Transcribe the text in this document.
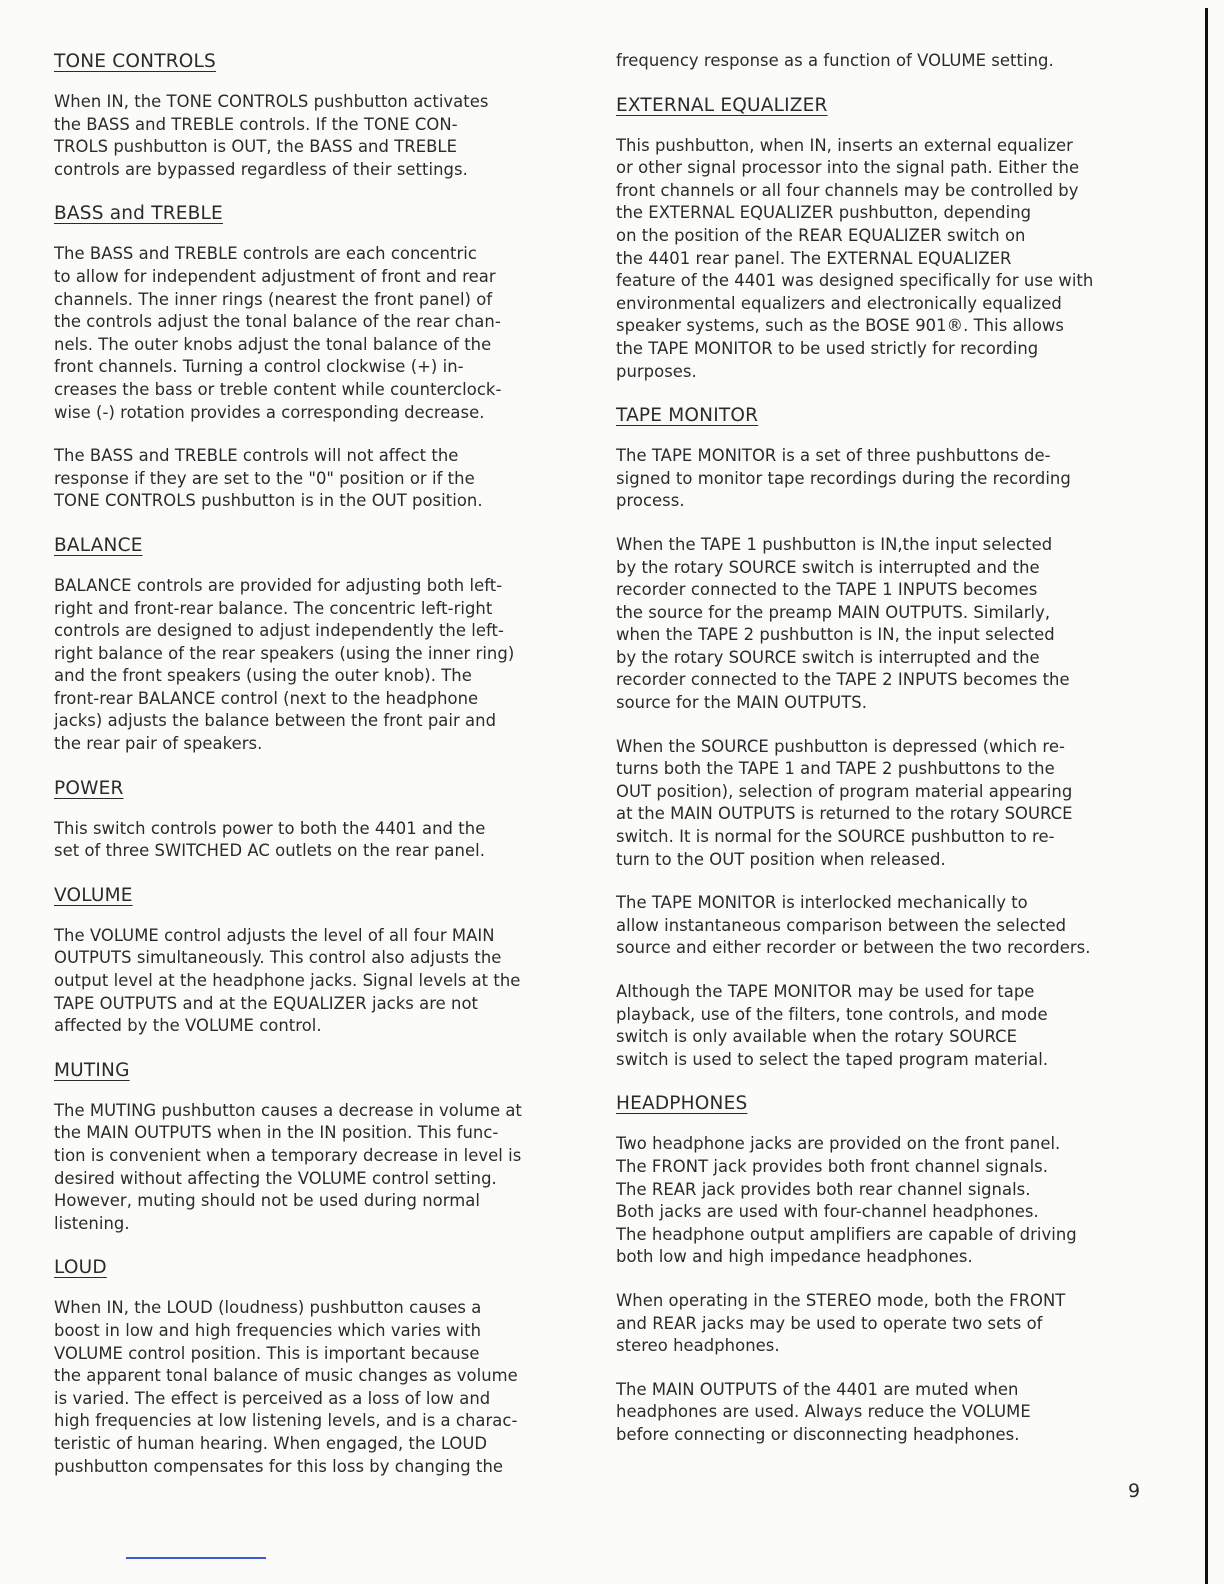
TONE CONTROLS
When IN, the TONE CONTROLS pushbutton activates
the BASS and TREBLE controls. If the TONE CON-
TROLS pushbutton is OUT, the BASS and TREBLE
controls are bypassed regardless of their settings.
BASS and TREBLE
The BASS and TREBLE controls are each concentric
to allow for independent adjustment of front and rear
channels. The inner rings (nearest the front panel) of
the controls adjust the tonal balance of the rear chan-
nels. The outer knobs adjust the tonal balance of the
front channels. Turning a control clockwise (+) in-
creases the bass or treble content while counterclock-
wise (-) rotation provides a corresponding decrease.
The BASS and TREBLE controls will not affect the
response if they are set to the "0" position or if the
TONE CONTROLS pushbutton is in the OUT position.
BALANCE
BALANCE controls are provided for adjusting both left-
right and front-rear balance. The concentric left-right
controls are designed to adjust independently the left-
right balance of the rear speakers (using the inner ring)
and the front speakers (using the outer knob). The
front-rear BALANCE control (next to the headphone
jacks) adjusts the balance between the front pair and
the rear pair of speakers.
POWER
This switch controls power to both the 4401 and the
set of three SWITCHED AC outlets on the rear panel.
VOLUME
The VOLUME control adjusts the level of all four MAIN
OUTPUTS simultaneously. This control also adjusts the
output level at the headphone jacks. Signal levels at the
TAPE OUTPUTS and at the EQUALIZER jacks are not
affected by the VOLUME control.
MUTING
The MUTING pushbutton causes a decrease in volume at
the MAIN OUTPUTS when in the IN position. This func-
tion is convenient when a temporary decrease in level is
desired without affecting the VOLUME control setting.
However, muting should not be used during normal
listening.
LOUD
When IN, the LOUD (loudness) pushbutton causes a
boost in low and high frequencies which varies with
VOLUME control position. This is important because
the apparent tonal balance of music changes as volume
is varied. The effect is perceived as a loss of low and
high frequencies at low listening levels, and is a charac-
teristic of human hearing. When engaged, the LOUD
pushbutton compensates for this loss by changing the
frequency response as a function of VOLUME setting.
EXTERNAL EQUALIZER
This pushbutton, when IN, inserts an external equalizer
or other signal processor into the signal path. Either the
front channels or all four channels may be controlled by
the EXTERNAL EQUALIZER pushbutton, depending
on the position of the REAR EQUALIZER switch on
the 4401 rear panel. The EXTERNAL EQUALIZER
feature of the 4401 was designed specifically for use with
environmental equalizers and electronically equalized
speaker systems, such as the BOSE 901®. This allows
the TAPE MONITOR to be used strictly for recording
purposes.
TAPE MONITOR
The TAPE MONITOR is a set of three pushbuttons de-
signed to monitor tape recordings during the recording
process.
When the TAPE 1 pushbutton is IN,the input selected
by the rotary SOURCE switch is interrupted and the
recorder connected to the TAPE 1 INPUTS becomes
the source for the preamp MAIN OUTPUTS. Similarly,
when the TAPE 2 pushbutton is IN, the input selected
by the rotary SOURCE switch is interrupted and the
recorder connected to the TAPE 2 INPUTS becomes the
source for the MAIN OUTPUTS.
When the SOURCE pushbutton is depressed (which re-
turns both the TAPE 1 and TAPE 2 pushbuttons to the
OUT position), selection of program material appearing
at the MAIN OUTPUTS is returned to the rotary SOURCE
switch. It is normal for the SOURCE pushbutton to re-
turn to the OUT position when released.
The TAPE MONITOR is interlocked mechanically to
allow instantaneous comparison between the selected
source and either recorder or between the two recorders.
Although the TAPE MONITOR may be used for tape
playback, use of the filters, tone controls, and mode
switch is only available when the rotary SOURCE
switch is used to select the taped program material.
HEADPHONES
Two headphone jacks are provided on the front panel.
The FRONT jack provides both front channel signals.
The REAR jack provides both rear channel signals.
Both jacks are used with four-channel headphones.
The headphone output amplifiers are capable of driving
both low and high impedance headphones.
When operating in the STEREO mode, both the FRONT
and REAR jacks may be used to operate two sets of
stereo headphones.
The MAIN OUTPUTS of the 4401 are muted when
headphones are used. Always reduce the VOLUME
before connecting or disconnecting headphones.
9
